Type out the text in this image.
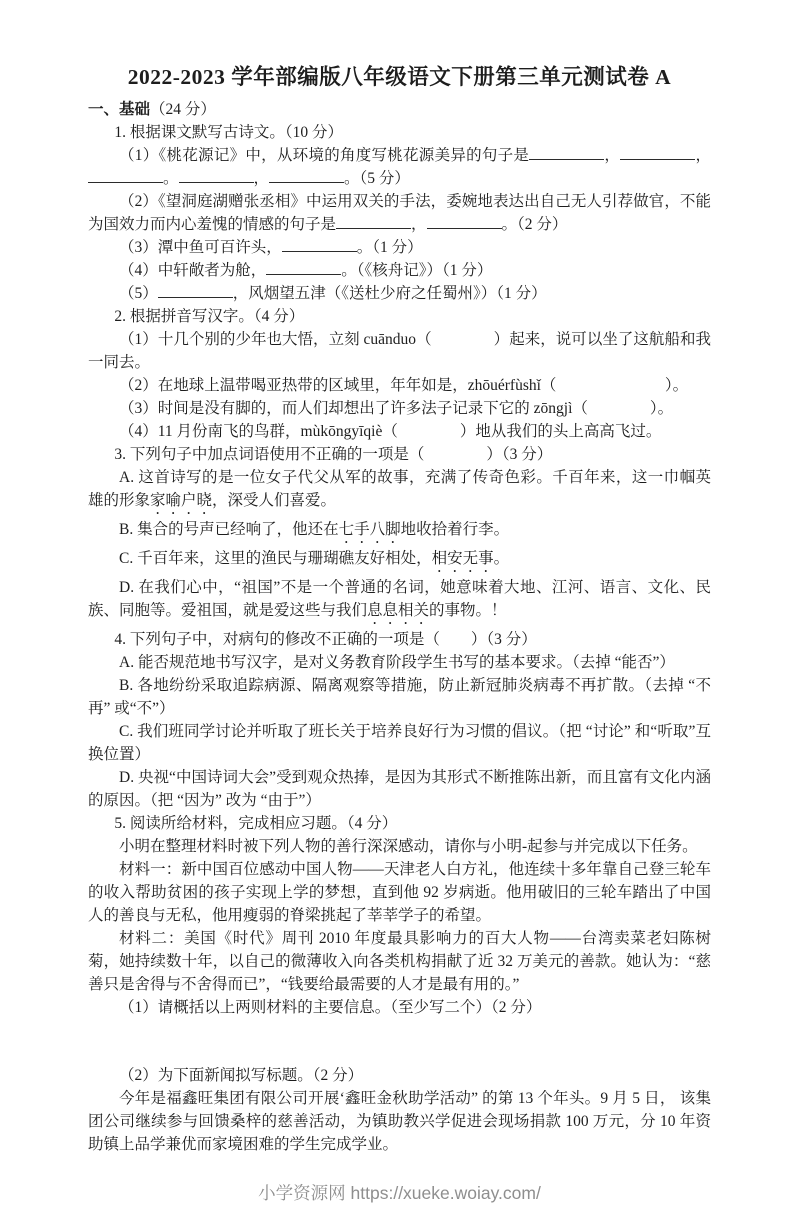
2022-2023 学年部编版八年级语文下册第三单元测试卷 A

一、基础（24 分）

1. 根据课文默写古诗文。（10 分）

（1）《桃花源记》中，从环境的角度写桃花源美异的句子是	，	，。	，	。（5 分）

（2）《望洞庭湖赠张丞相》中运用双关的手法，委婉地表达出自己无人引荐做官，不能为国效力而内心羞愧的情感的句子是	，	。（2 分）

（3）潭中鱼可百许头，	。（1 分）

（4）中轩敞者为舱，	。（《核舟记》）（1 分）

（5）	，风烟望五津（《送杜少府之任蜀州》）（1 分）

2. 根据拼音写汉字。（4 分）

（1）十几个别的少年也大悟，立刻 cuānduo（　　　　）起来，说可以坐了这航船和我一同去。

（2）在地球上温带喝亚热带的区域里，年年如是，zhōuérfùshǐ（　　　　　　　）。

（3）时间是没有脚的，而人们却想出了许多法子记录下它的 zōngjì（　　　　）。

（4）11 月份南飞的鸟群，mùkōngyīqiè（　　　　）地从我们的头上高高飞过。

3. 下列句子中加点词语使用不正确的一项是（　　　　）（3 分）

A. 这首诗写的是一位女子代父从军的故事，充满了传奇色彩。千百年来，这一巾帼英雄的形象家喻户晓，深受人们喜爱。

B. 集合的号声已经响了，他还在七手八脚地收拾着行李。

C. 千百年来，这里的渔民与珊瑚礁友好相处，相安无事。

D. 在我们心中，“祖国”不是一个普通的名词，她意味着大地、江河、语言、文化、民族、同胞等。爱祖国，就是爱这些与我们息息相关的事物。！

4. 下列句子中，对病句的修改不正确的一项是（　　）（3 分）

A. 能否规范地书写汉字，是对义务教育阶段学生书写的基本要求。（去掉 “能否”）

B. 各地纷纷采取追踪病源、隔离观察等措施，防止新冠肺炎病毒不再扩散。（去掉 “不再” 或“不”）

C. 我们班同学讨论并听取了班长关于培养良好行为习惯的倡议。（把 “讨论” 和“听取”互换位置）

D. 央视“中国诗词大会”受到观众热捧，是因为其形式不断推陈出新，而且富有文化内涵的原因。（把 “因为” 改为 “由于”）

5. 阅读所给材料，完成相应习题。（4 分）

小明在整理材料时被下列人物的善行深深感动，请你与小明-起参与并完成以下任务。

材料一：新中国百位感动中国人物——天津老人白方礼，他连续十多年靠自己登三轮车的收入帮助贫困的孩子实现上学的梦想，直到他 92 岁病逝。他用破旧的三轮车踏出了中国人的善良与无私，他用瘦弱的脊梁挑起了莘莘学子的希望。

材料二：美国《时代》周刊 2010 年度最具影响力的百大人物——台湾卖菜老妇陈树菊，她持续数十年，以自己的微薄收入向各类机构捐献了近 32 万美元的善款。她认为：“慈善只是舍得与不舍得而已”，“钱要给最需要的人才是最有用的。”

（1）请概括以上两则材料的主要信息。（至少写二个）（2 分）

（2）为下面新闻拟写标题。（2 分）

今年是福鑫旺集团有限公司开展‘鑫旺金秋助学活动” 的第 13 个年头。9 月 5 日， 该集团公司继续参与回馈桑梓的慈善活动，为镇助教兴学促进会现场捐款 100 万元，分 10 年资助镇上品学兼优而家境困难的学生完成学业。

小学资源网 https://xueke.woiay.com/
